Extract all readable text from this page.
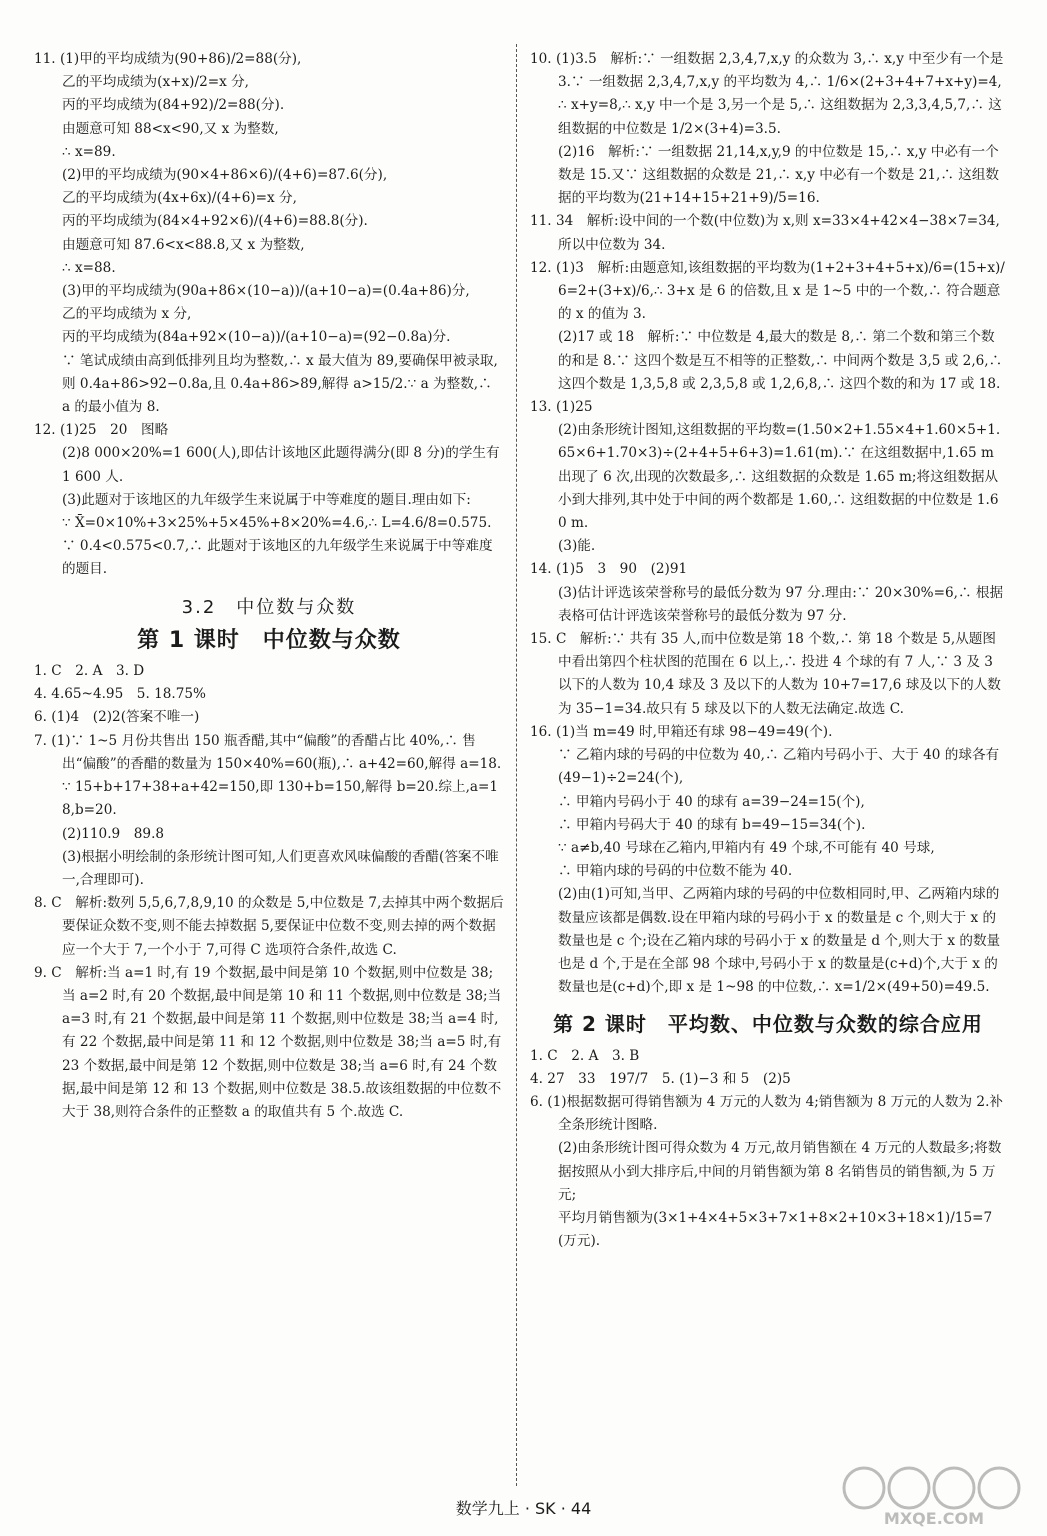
11. (1)甲的平均成绩为(90+86)/2=88(分),

乙的平均成绩为(x+x)/2=x 分,

丙的平均成绩为(84+92)/2=88(分).

由题意可知 88<x<90,又 x 为整数,

∴ x=89.

(2)甲的平均成绩为(90×4+86×6)/(4+6)=87.6(分),

乙的平均成绩为(4x+6x)/(4+6)=x 分,

丙的平均成绩为(84×4+92×6)/(4+6)=88.8(分).

由题意可知 87.6<x<88.8,又 x 为整数,

∴ x=88.

(3)甲的平均成绩为(90a+86×(10−a))/(a+10−a)=(0.4a+86)分,

乙的平均成绩为 x 分,

丙的平均成绩为(84a+92×(10−a))/(a+10−a)=(92−0.8a)分.

∵ 笔试成绩由高到低排列且均为整数,∴ x 最大值为 89,要确保甲被录取,则 0.4a+86>92−0.8a,且 0.4a+86>89,解得 a>15/2.∵ a 为整数,∴ a 的最小值为 8.

12. (1)25　20　图略

(2)8 000×20%=1 600(人),即估计该地区此题得满分(即 8 分)的学生有 1 600 人.

(3)此题对于该地区的九年级学生来说属于中等难度的题目.理由如下:

∵ X̄=0×10%+3×25%+5×45%+8×20%=4.6,∴ L=4.6/8=0.575.

∵ 0.4<0.575<0.7,∴ 此题对于该地区的九年级学生来说属于中等难度的题目.

3.2　中位数与众数
第 1 课时　中位数与众数

1. C　2. A　3. D

4. 4.65~4.95　5. 18.75%

6. (1)4　(2)2(答案不唯一)

7. (1)∵ 1~5 月份共售出 150 瓶香醋,其中“偏酸”的香醋占比 40%,∴ 售出“偏酸”的香醋的数量为 150×40%=60(瓶),∴ a+42=60,解得 a=18.

∵ 15+b+17+38+a+42=150,即 130+b=150,解得 b=20.综上,a=18,b=20.

(2)110.9　89.8

(3)根据小明绘制的条形统计图可知,人们更喜欢风味偏酸的香醋(答案不唯一,合理即可).

8. C　解析:数列 5,5,6,7,8,9,10 的众数是 5,中位数是 7,去掉其中两个数据后要保证众数不变,则不能去掉数据 5,要保证中位数不变,则去掉的两个数据应一个大于 7,一个小于 7,可得 C 选项符合条件,故选 C.

9. C　解析:当 a=1 时,有 19 个数据,最中间是第 10 个数据,则中位数是 38;当 a=2 时,有 20 个数据,最中间是第 10 和 11 个数据,则中位数是 38;当 a=3 时,有 21 个数据,最中间是第 11 个数据,则中位数是 38;当 a=4 时,有 22 个数据,最中间是第 11 和 12 个数据,则中位数是 38;当 a=5 时,有 23 个数据,最中间是第 12 个数据,则中位数是 38;当 a=6 时,有 24 个数据,最中间是第 12 和 13 个数据,则中位数是 38.5.故该组数据的中位数不大于 38,则符合条件的正整数 a 的取值共有 5 个.故选 C.

10. (1)3.5　解析:∵ 一组数据 2,3,4,7,x,y 的众数为 3,∴ x,y 中至少有一个是 3.∵ 一组数据 2,3,4,7,x,y 的平均数为 4,∴ 1/6×(2+3+4+7+x+y)=4,∴ x+y=8,∴ x,y 中一个是 3,另一个是 5,∴ 这组数据为 2,3,3,4,5,7,∴ 这组数据的中位数是 1/2×(3+4)=3.5.

(2)16　解析:∵ 一组数据 21,14,x,y,9 的中位数是 15,∴ x,y 中必有一个数是 15.又∵ 这组数据的众数是 21,∴ x,y 中必有一个数是 21,∴ 这组数据的平均数为(21+14+15+21+9)/5=16.

11. 34　解析:设中间的一个数(中位数)为 x,则 x=33×4+42×4−38×7=34,所以中位数为 34.

12. (1)3　解析:由题意知,该组数据的平均数为(1+2+3+4+5+x)/6=(15+x)/6=2+(3+x)/6,∴ 3+x 是 6 的倍数,且 x 是 1~5 中的一个数,∴ 符合题意的 x 的值为 3.

(2)17 或 18　解析:∵ 中位数是 4,最大的数是 8,∴ 第二个数和第三个数的和是 8.∵ 这四个数是互不相等的正整数,∴ 中间两个数是 3,5 或 2,6,∴ 这四个数是 1,3,5,8 或 2,3,5,8 或 1,2,6,8,∴ 这四个数的和为 17 或 18.

13. (1)25

(2)由条形统计图知,这组数据的平均数=(1.50×2+1.55×4+1.60×5+1.65×6+1.70×3)÷(2+4+5+6+3)=1.61(m).∵ 在这组数据中,1.65 m 出现了 6 次,出现的次数最多,∴ 这组数据的众数是 1.65 m;将这组数据从小到大排列,其中处于中间的两个数都是 1.60,∴ 这组数据的中位数是 1.60 m.

(3)能.

14. (1)5　3　90　(2)91

(3)估计评选该荣誉称号的最低分数为 97 分.理由:∵ 20×30%=6,∴ 根据表格可估计评选该荣誉称号的最低分数为 97 分.

15. C　解析:∵ 共有 35 人,而中位数是第 18 个数,∴ 第 18 个数是 5,从题图中看出第四个柱状图的范围在 6 以上,∴ 投进 4 个球的有 7 人,∵ 3 及 3 以下的人数为 10,4 球及 3 及以下的人数为 10+7=17,6 球及以下的人数为 35−1=34.故只有 5 球及以下的人数无法确定.故选 C.

16. (1)当 m=49 时,甲箱还有球 98−49=49(个).

∵ 乙箱内球的号码的中位数为 40,∴ 乙箱内号码小于、大于 40 的球各有(49−1)÷2=24(个),

∴ 甲箱内号码小于 40 的球有 a=39−24=15(个),

∴ 甲箱内号码大于 40 的球有 b=49−15=34(个).

∵ a≠b,40 号球在乙箱内,甲箱内有 49 个球,不可能有 40 号球,

∴ 甲箱内球的号码的中位数不能为 40.

(2)由(1)可知,当甲、乙两箱内球的号码的中位数相同时,甲、乙两箱内球的数量应该都是偶数.设在甲箱内球的号码小于 x 的数量是 c 个,则大于 x 的数量也是 c 个;设在乙箱内球的号码小于 x 的数量是 d 个,则大于 x 的数量也是 d 个,于是在全部 98 个球中,号码小于 x 的数量是(c+d)个,大于 x 的数量也是(c+d)个,即 x 是 1~98 的中位数,∴ x=1/2×(49+50)=49.5.

第 2 课时　平均数、中位数与众数的综合应用

1. C　2. A　3. B

4. 27　33　197/7　5. (1)−3 和 5　(2)5

6. (1)根据数据可得销售额为 4 万元的人数为 4;销售额为 8 万元的人数为 2.补全条形统计图略.

(2)由条形统计图可得众数为 4 万元,故月销售额在 4 万元的人数最多;将数据按照从小到大排序后,中间的月销售额为第 8 名销售员的销售额,为 5 万元;

平均月销售额为(3×1+4×4+5×3+7×1+8×2+10×3+18×1)/15=7(万元).

数学九上 · SK · 44
MXQE.COM
